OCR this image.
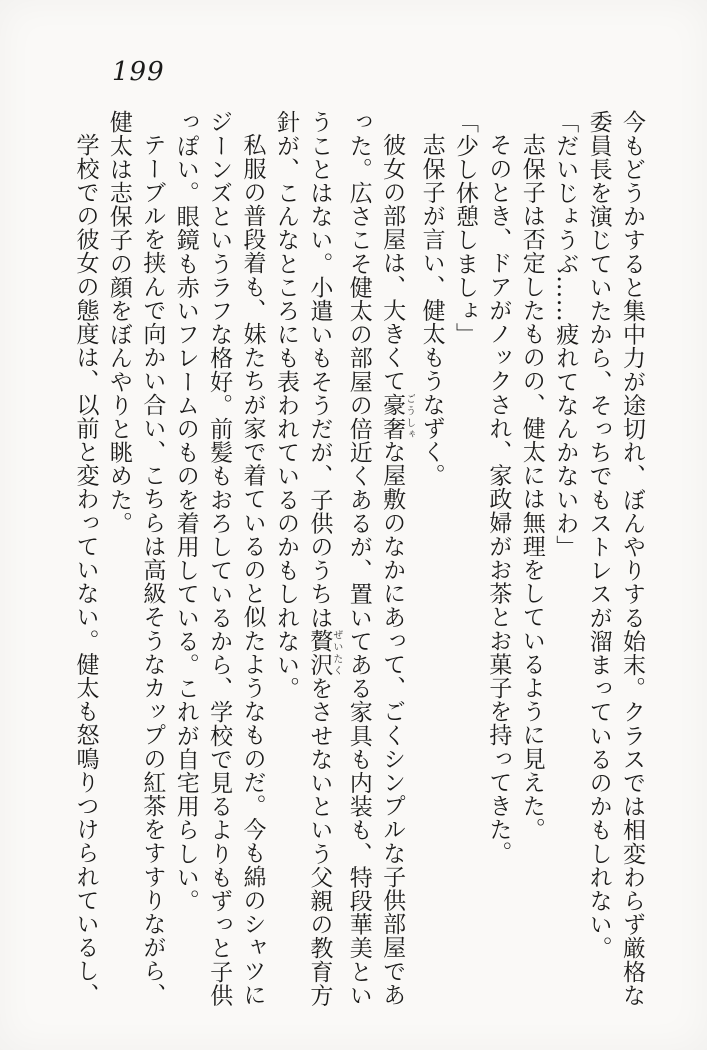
199
今もどうかすると集中力が途切れ、ぼんやりする始末。クラスでは相変わらず厳格な
委員長を演じていたから、そっちでもストレスが溜まっているのかもしれない。
「だいじょうぶ……疲れてなんかないわ」
志保子は否定したものの、健太には無理をしているように見えた。
そのとき、ドアがノックされ、家政婦がお茶とお菓子を持ってきた。
「少し休憩しましょ」
志保子が言い、健太もうなずく。
彼女の部屋は、大きくて豪奢ごうしゃな屋敷のなかにあって、ごくシンプルな子供部屋であ
った。広さこそ健太の部屋の倍近くあるが、置いてある家具も内装も、特段華美とい
うことはない。小遣いもそうだが、子供のうちは贅沢ぜいたくをさせないという父親の教育方
針が、こんなところにも表われているのかもしれない。
私服の普段着も、妹たちが家で着ているのと似たようなものだ。今も綿のシャツに
ジーンズというラフな格好。前髪もおろしているから、学校で見るよりもずっと子供
っぽい。眼鏡も赤いフレームのものを着用している。これが自宅用らしい。
テーブルを挟んで向かい合い、こちらは高級そうなカップの紅茶をすすりながら、
健太は志保子の顔をぼんやりと眺めた。
学校での彼女の態度は、以前と変わっていない。健太も怒鳴りつけられているし、
